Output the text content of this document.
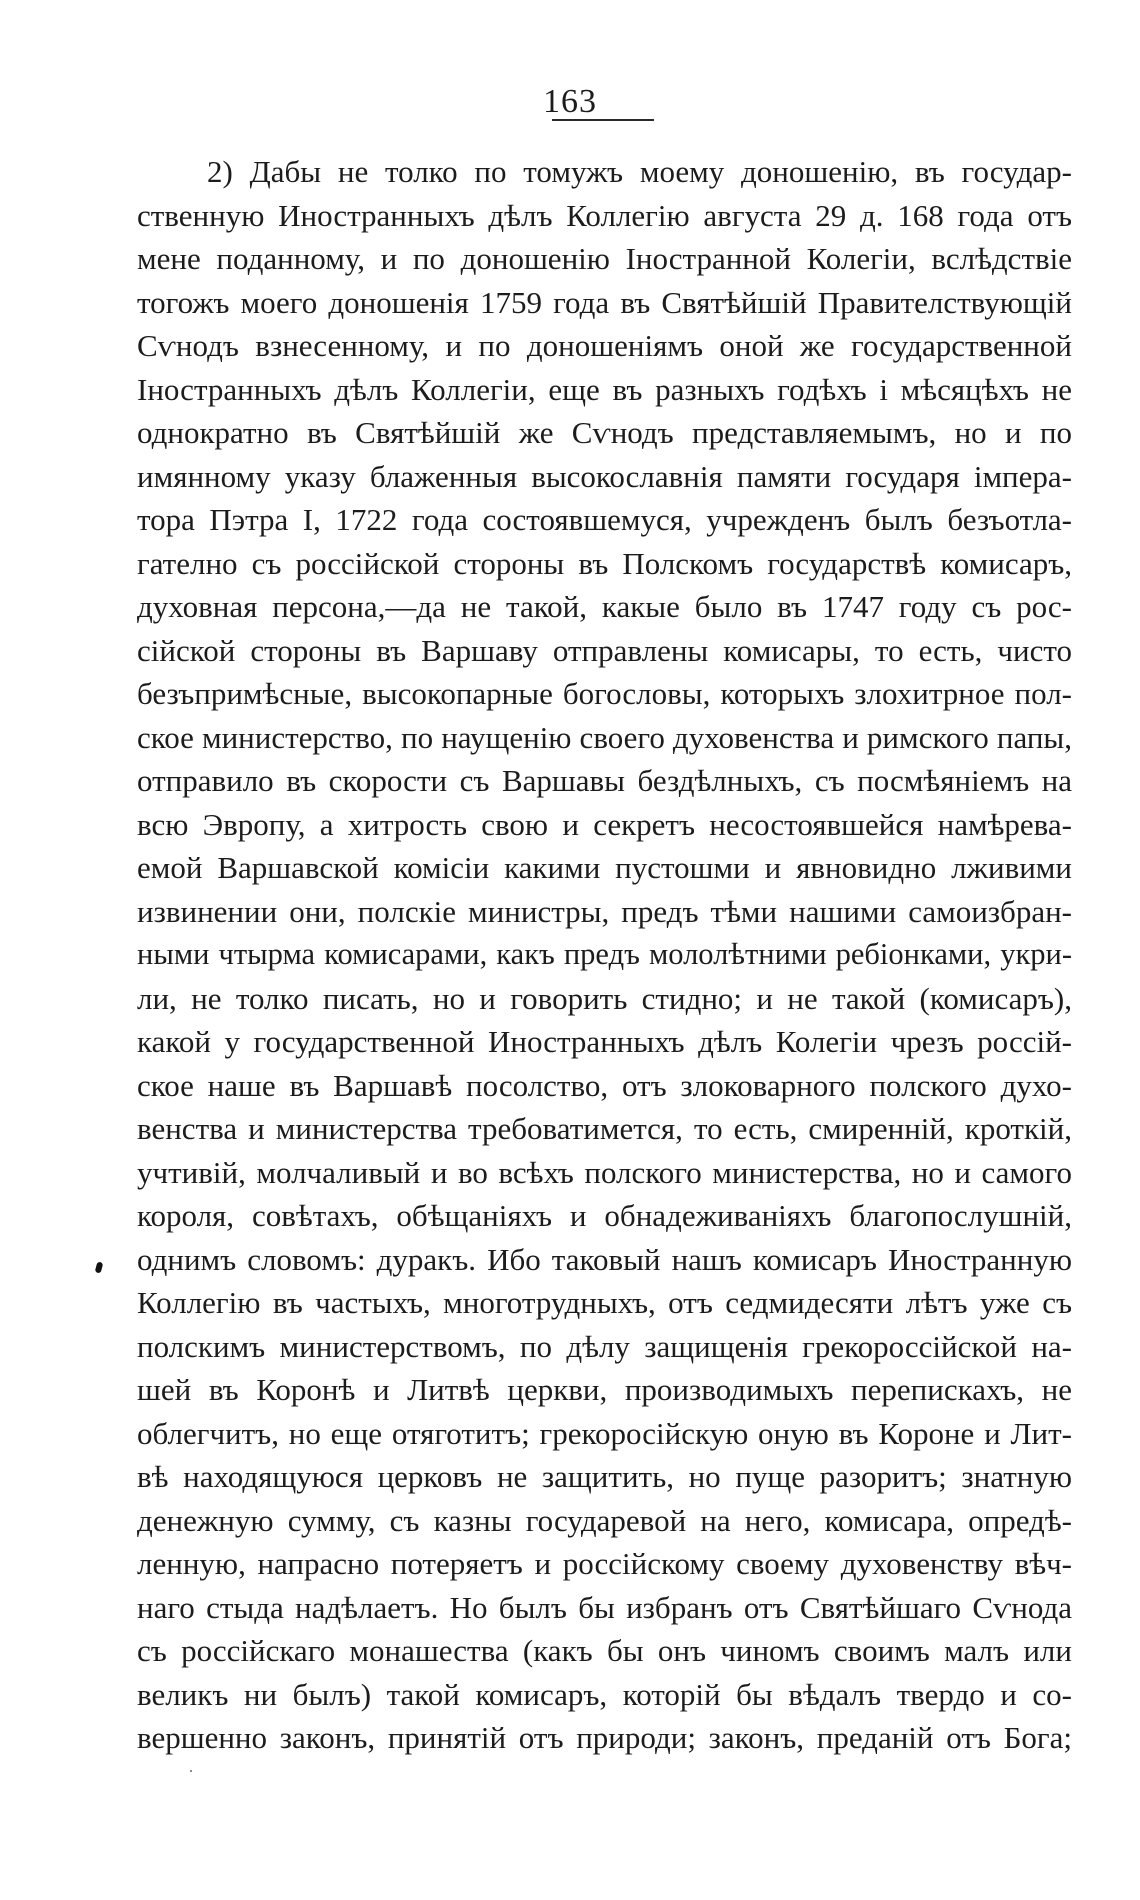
163
2) Дабы не толко по томужъ моему доношенію, въ государ-
ственную Иностранныхъ дѣлъ Коллегію августа 29 д. 168 года отъ
мене поданному, и по доношенію Іностранной Колегіи, вслѣдствіе
тогожъ моего доношенія 1759 года въ Святѣйшій Правителствующій
Сѵнодъ взнесенному, и по доношеніямъ оной же государственной
Іностранныхъ дѣлъ Коллегіи, еще въ разныхъ годѣхъ і мѣсяцѣхъ не
однократно въ Святѣйшій же Сѵнодъ представляемымъ, но и по
имянному указу блаженныя высокославнія памяти государя імпера-
тора Пэтра I, 1722 года состоявшемуся, учрежденъ былъ безъотла-
гателно съ россійской стороны въ Полскомъ государствѣ комисаръ,
духовная персона,—да не такой, какые было въ 1747 году съ рос-
сійской стороны въ Варшаву отправлены комисары, то есть, чисто
безъпримѣсные, высокопарные богословы, которыхъ злохитрное пол-
ское министерство, по наущенію своего духовенства и римского папы,
отправило въ скорости съ Варшавы бездѣлныхъ, съ посмѣяніемъ на
всю Эвропу, а хитрость свою и секретъ несостоявшейся намѣрева-
емой Варшавской комісіи какими пустошми и явновидно лживими
извинении они, полскіе министры, предъ тѣми нашими самоизбран-
ными чтырма комисарами, какъ предъ мололѣтними ребіонками, укри-
ли, не толко писать, но и говорить стидно; и не такой (комисаръ),
какой у государственной Иностранныхъ дѣлъ Колегіи чрезъ россій-
ское наше въ Варшавѣ посолство, отъ злоковарного полского духо-
венства и министерства требоватимется, то есть, смиренній, кроткій,
учтивій, молчаливый и во всѣхъ полского министерства, но и самого
короля, совѣтахъ, обѣщаніяхъ и обнадеживаніяхъ благопослушній,
однимъ словомъ: дуракъ. Ибо таковый нашъ комисаръ Иностранную
Коллегію въ частыхъ, многотрудныхъ, отъ седмидесяти лѣтъ уже съ
полскимъ министерствомъ, по дѣлу защищенія грекороссійской на-
шей въ Коронѣ и Литвѣ церкви, производимыхъ перепискахъ, не
облегчитъ, но еще отяготитъ; грекоросійскую оную въ Короне и Лит-
вѣ находящуюся церковъ не защитить, но пуще разоритъ; знатную
денежную сумму, съ казны государевой на него, комисара, опредѣ-
ленную, напрасно потеряетъ и россійскому своему духовенству вѣч-
наго стыда надѣлаетъ. Но былъ бы избранъ отъ Святѣйшаго Сѵнода
съ россійскаго монашества (какъ бы онъ чиномъ своимъ малъ или
великъ ни былъ) такой комисаръ, которій бы вѣдалъ твердо и со-
вершенно законъ, принятій отъ природи; законъ, преданій отъ Бога;
